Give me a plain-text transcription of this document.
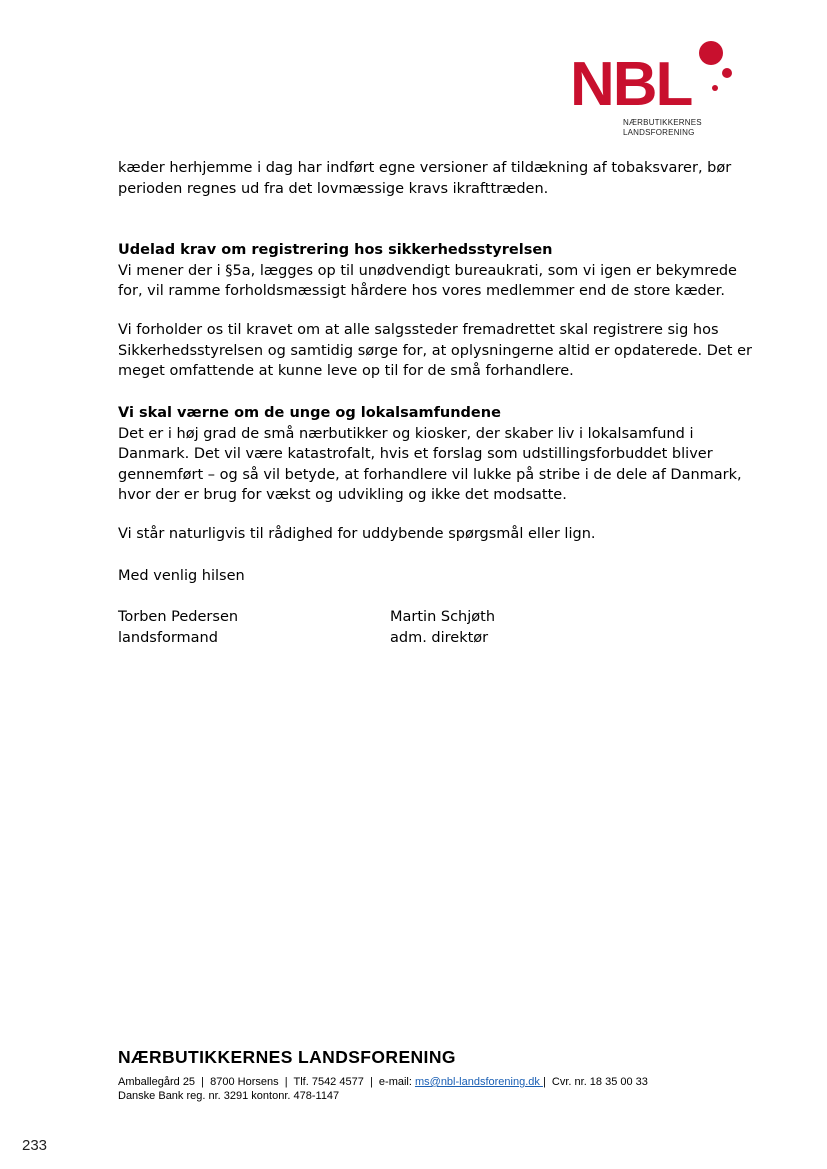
NBL
NÆRBUTIKKERNES
LANDSFORENING

kæder herhjemme i dag har indført egne versioner af tildækning af tobaksvarer, bør perioden regnes ud fra det lovmæssige kravs ikrafttræden.

Udelad krav om registrering hos sikkerhedsstyrelsen

Vi mener der i §5a, lægges op til unødvendigt bureaukrati, som vi igen er bekymrede for, vil ramme forholdsmæssigt hårdere hos vores medlemmer end de store kæder.

Vi forholder os til kravet om at alle salgssteder fremadrettet skal registrere sig hos Sikkerhedsstyrelsen og samtidig sørge for, at oplysningerne altid er opdaterede. Det er meget omfattende at kunne leve op til for de små forhandlere.

Vi skal værne om de unge og lokalsamfundene

Det er i høj grad de små nærbutikker og kiosker, der skaber liv i lokalsamfund i Danmark. Det vil være katastrofalt, hvis et forslag som udstillingsforbuddet bliver gennemført – og så vil betyde, at forhandlere vil lukke på stribe i de dele af Danmark, hvor der er brug for vækst og udvikling og ikke det modsatte.

Vi står naturligvis til rådighed for uddybende spørgsmål eller lign.

Med venlig hilsen

Torben Pedersen

landsformand

Martin Schjøth

adm. direktør

NÆRBUTIKKERNES LANDSFORENING

Amballegård 25  |  8700 Horsens  |  Tlf. 7542 4577  |  e-mail: ms@nbl-landsforening.dk |  Cvr. nr. 18 35 00 33

Danske Bank reg. nr. 3291 kontonr. 478-1147

233
